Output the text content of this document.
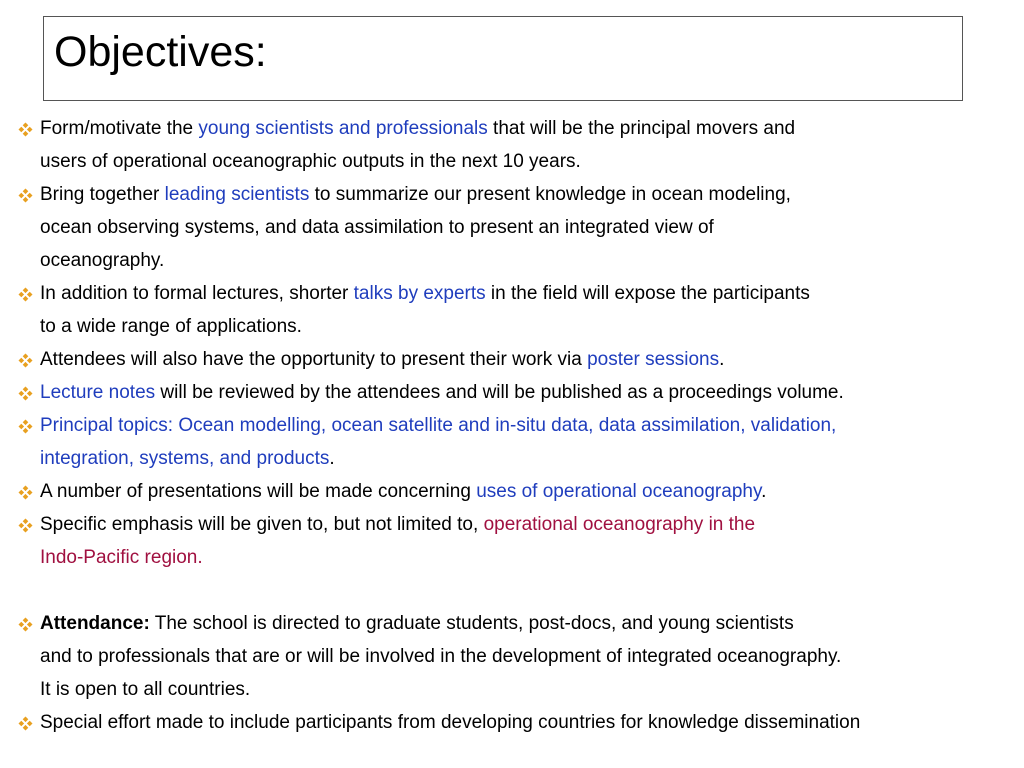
Objectives:
Form/motivate the young scientists and professionals that will be the principal movers and
users of operational oceanographic outputs in the next 10 years.
Bring together leading scientists to summarize our present knowledge in ocean modeling,
ocean observing systems, and data assimilation to present an integrated view of
oceanography.
In addition to formal lectures, shorter talks by experts in the field will expose the participants
to a wide range of applications.
Attendees will also have the opportunity to present their work via poster sessions.
Lecture notes will be reviewed by the attendees and will be published as a proceedings volume.
Principal topics: Ocean modelling, ocean satellite and in-situ data, data assimilation, validation,
integration, systems, and products.
A number of presentations will be made concerning uses of operational oceanography.
Specific emphasis will be given to, but not limited to, operational oceanography in the
Indo-Pacific region.
Attendance: The school is directed to graduate students, post-docs, and young scientists
and to professionals that are or will be involved in the development of integrated oceanography.
It is open to all countries.
Special effort made to include participants from developing countries for knowledge dissemination
